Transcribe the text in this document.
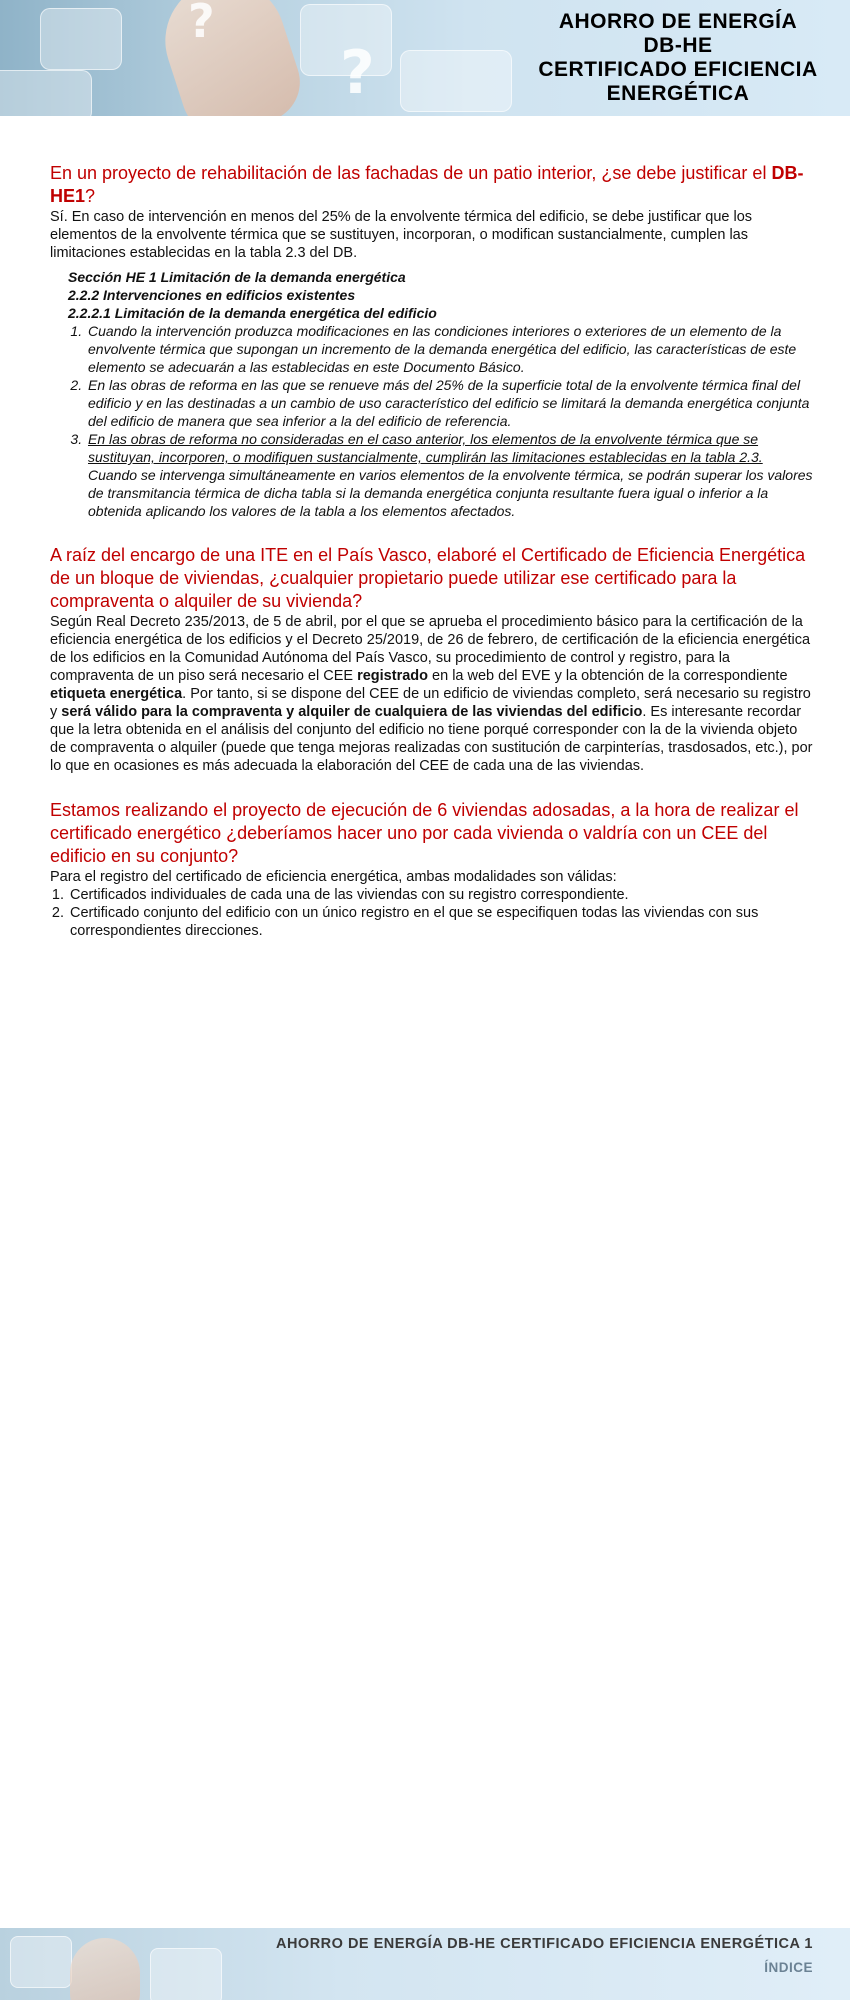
?
?
AHORRO DE ENERGÍA
DB-HE
CERTIFICADO EFICIENCIA
ENERGÉTICA
En un proyecto de rehabilitación de las fachadas de un patio interior, ¿se debe justificar el DB-HE1?

Sí. En caso de intervención en menos del 25% de la envolvente térmica del edificio, se debe justificar que los elementos de la envolvente térmica que se sustituyen, incorporan, o modifican sustancialmente, cumplen las limitaciones establecidas en la tabla 2.3 del DB.

Sección HE 1 Limitación de la demanda energética
2.2.2 Intervenciones en edificios existentes
2.2.2.1 Limitación de la demanda energética del edificio
1. Cuando la intervención produzca modificaciones en las condiciones interiores o exteriores de un elemento de la envolvente térmica que supongan un incremento de la demanda energética del edificio, las características de este elemento se adecuarán a las establecidas en este Documento Básico.
2. En las obras de reforma en las que se renueve más del 25% de la superficie total de la envolvente térmica final del edificio y en las destinadas a un cambio de uso característico del edificio se limitará la demanda energética conjunta del edificio de manera que sea inferior a la del edificio de referencia.
3. En las obras de reforma no consideradas en el caso anterior, los elementos de la envolvente térmica que se sustituyan, incorporen, o modifiquen sustancialmente, cumplirán las limitaciones establecidas en la tabla 2.3. Cuando se intervenga simultáneamente en varios elementos de la envolvente térmica, se podrán superar los valores de transmitancia térmica de dicha tabla si la demanda energética conjunta resultante fuera igual o inferior a la obtenida aplicando los valores de la tabla a los elementos afectados.
A raíz del encargo de una ITE en el País Vasco, elaboré el Certificado de Eficiencia Energética de un bloque de viviendas, ¿cualquier propietario puede utilizar ese certificado para la compraventa o alquiler de su vivienda?

Según Real Decreto 235/2013, de 5 de abril, por el que se aprueba el procedimiento básico para la certificación de la eficiencia energética de los edificios y el Decreto 25/2019, de 26 de febrero, de certificación de la eficiencia energética de los edificios en la Comunidad Autónoma del País Vasco, su procedimiento de control y registro, para la compraventa de un piso será necesario el CEE registrado en la web del EVE y la obtención de la correspondiente etiqueta energética. Por tanto, si se dispone del CEE de un edificio de viviendas completo, será necesario su registro y será válido para la compraventa y alquiler de cualquiera de las viviendas del edificio. Es interesante recordar que la letra obtenida en el análisis del conjunto del edificio no tiene porqué corresponder con la de la vivienda objeto de compraventa o alquiler (puede que tenga mejoras realizadas con sustitución de carpinterías, trasdosados, etc.), por lo que en ocasiones es más adecuada la elaboración del CEE de cada una de las viviendas.

Estamos realizando el proyecto de ejecución de 6 viviendas adosadas, a la hora de realizar el certificado energético ¿deberíamos hacer uno por cada vivienda o valdría con un CEE del edificio en su conjunto?

Para el registro del certificado de eficiencia energética, ambas modalidades son válidas:

1. Certificados individuales de cada una de las viviendas con su registro correspondiente.
2. Certificado conjunto del edificio con un único registro en el que se especifiquen todas las viviendas con sus correspondientes direcciones.
AHORRO DE ENERGÍA DB-HE CERTIFICADO EFICIENCIA ENERGÉTICA 1
ÍNDICE
